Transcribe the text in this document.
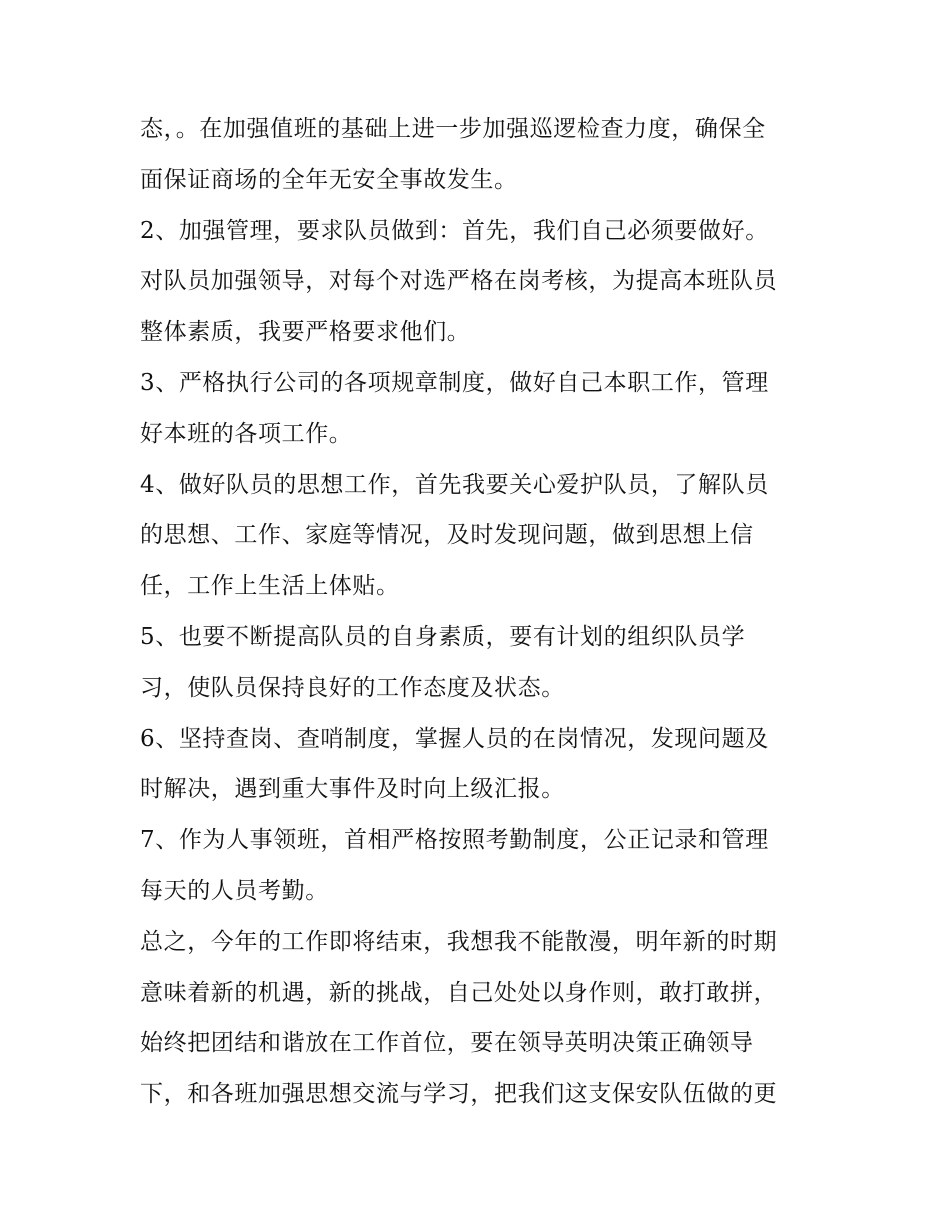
态，。在加强值班的基础上进一步加强巡逻检查力度，确保全
面保证商场的全年无安全事故发生。
2、加强管理，要求队员做到：首先，我们自己必须要做好。
对队员加强领导，对每个对选严格在岗考核，为提高本班队员
整体素质，我要严格要求他们。
3、严格执行公司的各项规章制度，做好自己本职工作，管理
好本班的各项工作。
4、做好队员的思想工作，首先我要关心爱护队员，了解队员
的思想、工作、家庭等情况，及时发现问题，做到思想上信
任，工作上生活上体贴。
5、也要不断提高队员的自身素质，要有计划的组织队员学
习，使队员保持良好的工作态度及状态。
6、坚持查岗、查哨制度，掌握人员的在岗情况，发现问题及
时解决，遇到重大事件及时向上级汇报。
7、作为人事领班，首相严格按照考勤制度，公正记录和管理
每天的人员考勤。
总之，今年的工作即将结束，我想我不能散漫，明年新的时期
意味着新的机遇，新的挑战，自己处处以身作则，敢打敢拼，
始终把团结和谐放在工作首位，要在领导英明决策正确领导
下，和各班加强思想交流与学习，把我们这支保安队伍做的更
